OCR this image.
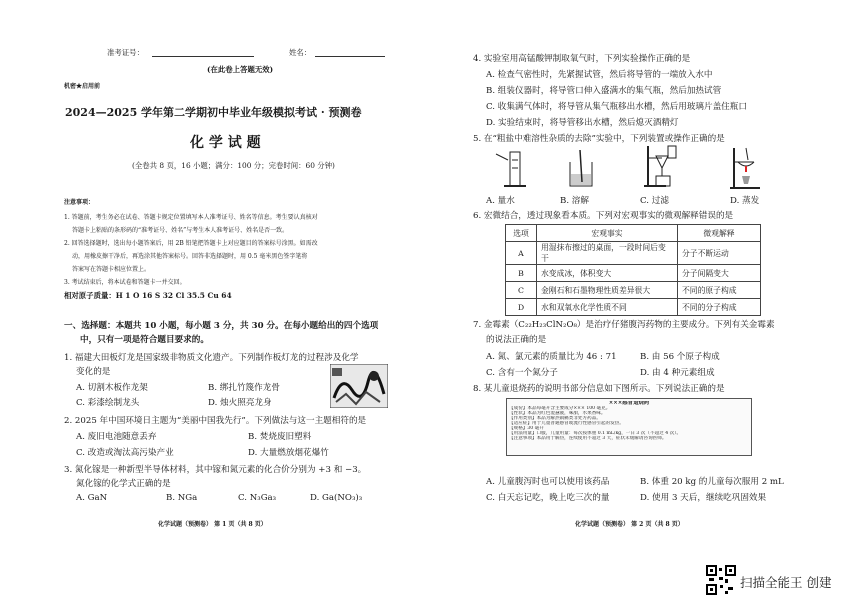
准考证号：	姓名：
(在此卷上答题无效)
机密★启用前
2024—2025 学年第二学期初中毕业年级模拟考试 · 预测卷
化 学 试 题
(全卷共 8 页，16 小题；满分：100 分；完卷时间：60 分钟)
注意事项：
1. 答题前，考生务必在试卷、答题卡规定位置填写本人准考证号、姓名等信息。考生要认真核对
答题卡上粘贴的条形码的“准考证号、姓名”与考生本人准考证号、姓名是否一致。
2. 回答选择题时，选出每小题答案后，用 2B 铅笔把答题卡上对应题目的答案标号涂黑。如需改
动，用橡皮擦干净后，再选涂其他答案标号。回答非选择题时，用 0.5 毫米黑色签字笔将
答案写在答题卡相应位置上。
3. 考试结束后，将本试卷和答题卡一并交回。
相对原子质量：H 1 O 16 S 32 Cl 35.5 Cu 64
一、选择题：本题共 10 小题，每小题 3 分，共 30 分。在每小题给出的四个选项
中，只有一项是符合题目要求的。
1. 福建大田板灯龙是国家级非物质文化遗产。下列制作板灯龙的过程涉及化学
变化的是
A. 切割木板作龙架	B. 绑扎竹篾作龙骨
C. 彩漆绘制龙头	D. 烛火照亮龙身
2. 2025 年中国环境日主题为“美丽中国我先行”。下列做法与这一主题相符的是
A. 废旧电池随意丢弃	B. 焚烧废旧塑料
C. 改造或淘汰高污染产业	D. 大量燃放烟花爆竹
3. 氮化镓是一种新型半导体材料，其中镓和氮元素的化合价分别为 +3 和 −3。
氮化镓的化学式正确的是
A. GaN	B. NGa	C. N₃Ga₃	D. Ga(NO₃)₃
化学试题（预测卷） 第 1 页（共 8 页）
4. 实验室用高锰酸钾制取氧气时，下列实验操作正确的是
A. 检查气密性时，先紧握试管，然后将导管的一端放入水中
B. 组装仪器时，将导管口伸入盛满水的集气瓶，然后加热试管
C. 收集满气体时，将导管从集气瓶移出水槽，然后用玻璃片盖住瓶口
D. 实验结束时，将导管移出水槽，然后熄灭酒精灯
5. 在“粗盐中难溶性杂质的去除”实验中，下列装置或操作正确的是
A. 量水	B. 溶解	C. 过滤	D. 蒸发
6. 宏微结合，透过现象看本质。下列对宏观事实的微观解释错误的是
选项	宏观事实	微观解释
A	用湿抹布擦过的桌面，一段时间后变干	分子不断运动
B	水变成冰，体积变大	分子间隔变大
C	金刚石和石墨物理性质差异很大	不同的原子构成
D	水和双氧水化学性质不同	不同的分子构成
7. 金霉素（C₂₂H₂₃ClN₂O₈）是治疗仔猪腹泻药物的主要成分。下列有关金霉素
的说法正确的是
A. 氮、氯元素的质量比为 46 : 71	B. 由 56 个原子构成
C. 含有一个氮分子	D. 由 4 种元素组成
8. 某儿童退烧药的说明书部分信息如下图所示。下列说法正确的是
×××感冒退烧药
【成份】本品每毫升含主要成分××× 100 毫克。
【性状】本品为红色混悬液，味甜，水果香味。
【作用类别】本品为解热镇痛类非处方药品。
【适应症】用于儿童普通感冒或流行性感冒引起的发热。
【规格】30 毫升
【用法用量】口服，儿童用量：每次按体重 0.1 mL/kg，一日 3 次（不超过 4 次）。
【注意事项】本品用于解热，连续使用不超过 3 天，症状未缓解请咨询医师。
A. 儿童腹泻时也可以使用该药品	B. 体重 20 kg 的儿童每次服用 2 mL
C. 白天忘记吃，晚上吃三次的量	D. 使用 3 天后，继续吃巩固效果
化学试题（预测卷） 第 2 页（共 8 页）
扫描全能王 创建
